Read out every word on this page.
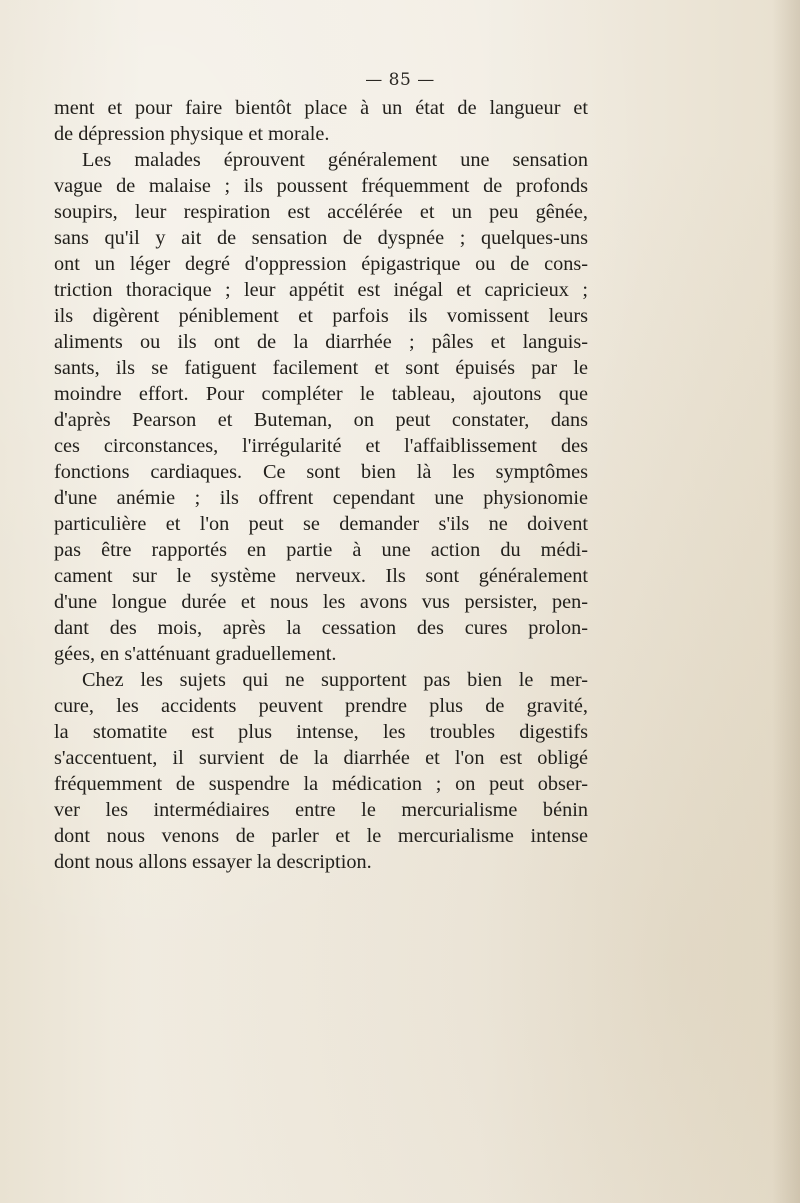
— 85 —
ment et pour faire bientôt place à un état de langueur et
de dépression physique et morale.
Les malades éprouvent généralement une sensation
vague de malaise ; ils poussent fréquemment de profonds
soupirs, leur respiration est accélérée et un peu gênée,
sans qu'il y ait de sensation de dyspnée ; quelques-uns
ont un léger degré d'oppression épigastrique ou de cons-
triction thoracique ; leur appétit est inégal et capricieux ;
ils digèrent péniblement et parfois ils vomissent leurs
aliments ou ils ont de la diarrhée ; pâles et languis-
sants, ils se fatiguent facilement et sont épuisés par le
moindre effort. Pour compléter le tableau, ajoutons que
d'après Pearson et Buteman, on peut constater, dans
ces circonstances, l'irrégularité et l'affaiblissement des
fonctions cardiaques. Ce sont bien là les symptômes
d'une anémie ; ils offrent cependant une physionomie
particulière et l'on peut se demander s'ils ne doivent
pas être rapportés en partie à une action du médi-
cament sur le système nerveux. Ils sont généralement
d'une longue durée et nous les avons vus persister, pen-
dant des mois, après la cessation des cures prolon-
gées, en s'atténuant graduellement.
Chez les sujets qui ne supportent pas bien le mer-
cure, les accidents peuvent prendre plus de gravité,
la stomatite est plus intense, les troubles digestifs
s'accentuent, il survient de la diarrhée et l'on est obligé
fréquemment de suspendre la médication ; on peut obser-
ver les intermédiaires entre le mercurialisme bénin
dont nous venons de parler et le mercurialisme intense
dont nous allons essayer la description.
